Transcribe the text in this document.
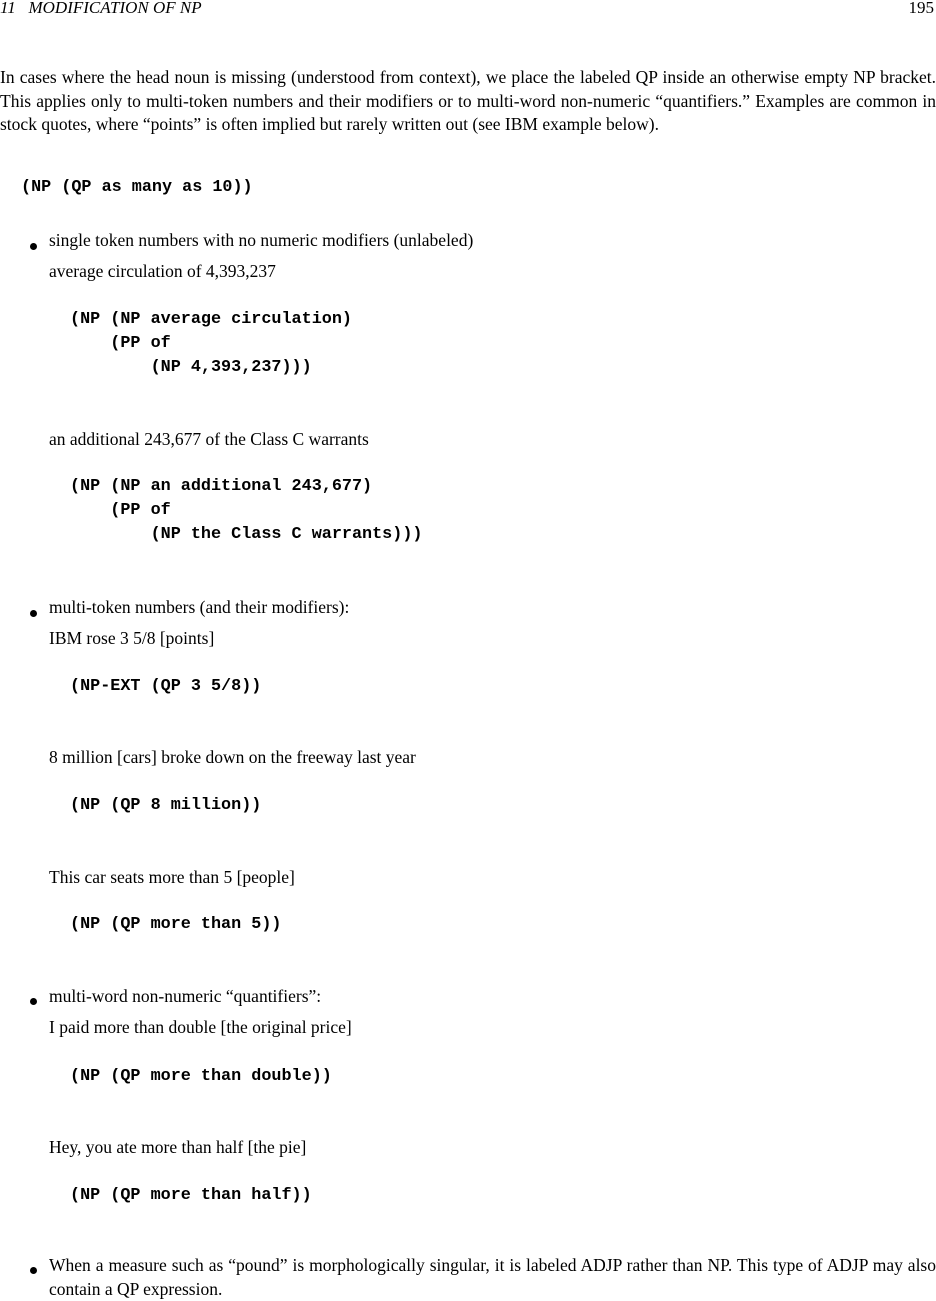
11   MODIFICATION OF NP	195
In cases where the head noun is missing (understood from context), we place the labeled QP inside an otherwise empty NP bracket. This applies only to multi-token numbers and their modifiers or to multi-word non-numeric “quantifiers.” Examples are common in stock quotes, where “points” is often implied but rarely written out (see IBM example below).
(NP (QP as many as 10))
single token numbers with no numeric modifiers (unlabeled)
average circulation of 4,393,237
(NP (NP average circulation)
(PP of
(NP 4,393,237)))
an additional 243,677 of the Class C warrants
(NP (NP an additional 243,677)
(PP of
(NP the Class C warrants)))
multi-token numbers (and their modifiers):
IBM rose 3 5/8 [points]
(NP-EXT (QP 3 5/8))
8 million [cars] broke down on the freeway last year
(NP (QP 8 million))
This car seats more than 5 [people]
(NP (QP more than 5))
multi-word non-numeric “quantifiers”:
I paid more than double [the original price]
(NP (QP more than double))
Hey, you ate more than half [the pie]
(NP (QP more than half))
When a measure such as “pound” is morphologically singular, it is labeled ADJP rather than NP. This type of ADJP may also contain a QP expression.
